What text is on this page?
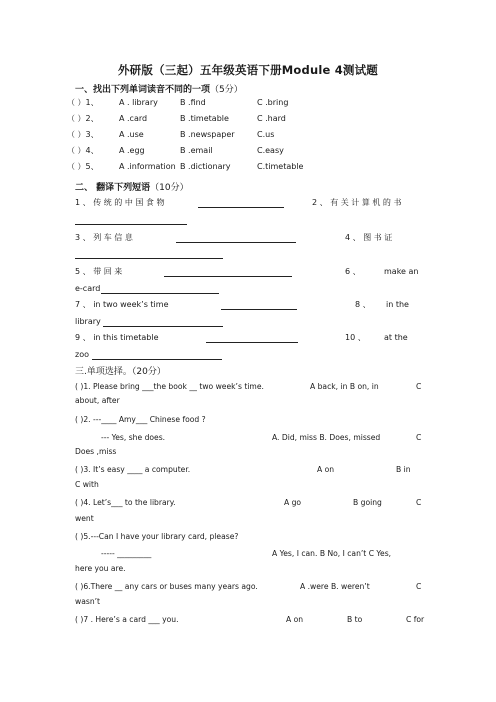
外研版（三起）五年级英语下册Module 4测试题
一、找出下列单词读音不同的一项（5分）
（ ）1、	A . library	B .find	C .bring
（ ）2、	A .card	B .timetable	C .hard
（ ）3、	A .use	B .newspaper	C.us
（ ）4、	A .egg	B .email	C.easy
（ ）5、	A .information B .dictionary	C.timetable
二、 翻译下列短语（10分）
1 、 传 统 的 中 国 食 物	2 、 有 关 计 算 机 的 书
3 、 列 车 信 息	4 、 图 书 证
5 、 带 回 来	6 、	make an
e-card
7 、 in two week’s time	8 、 in the
library
9 、 in this timetable	10 、 at the
zoo
三.单项选择。（20分）
( )1. Please bring ___the book __ two week’s time.	A back, in B on, in	C
about, after
( )2. ---____ Amy___ Chinese food ?
--- Yes, she does.	A. Did, miss B. Does, missed	C
Does ,miss
( )3. It’s easy ____ a computer.	A on	B in
C with
( )4. Let’s___ to the library.	A go	B going	C
went
( )5.---Can I have your library card, please?
----- _________	A Yes, I can. B No, I can’t C Yes,
here you are.
( )6.There __ any cars or buses many years ago.	A .were B. weren’t	C
wasn’t
( )7 . Here’s a card ___ you.	A on	B to	C for
